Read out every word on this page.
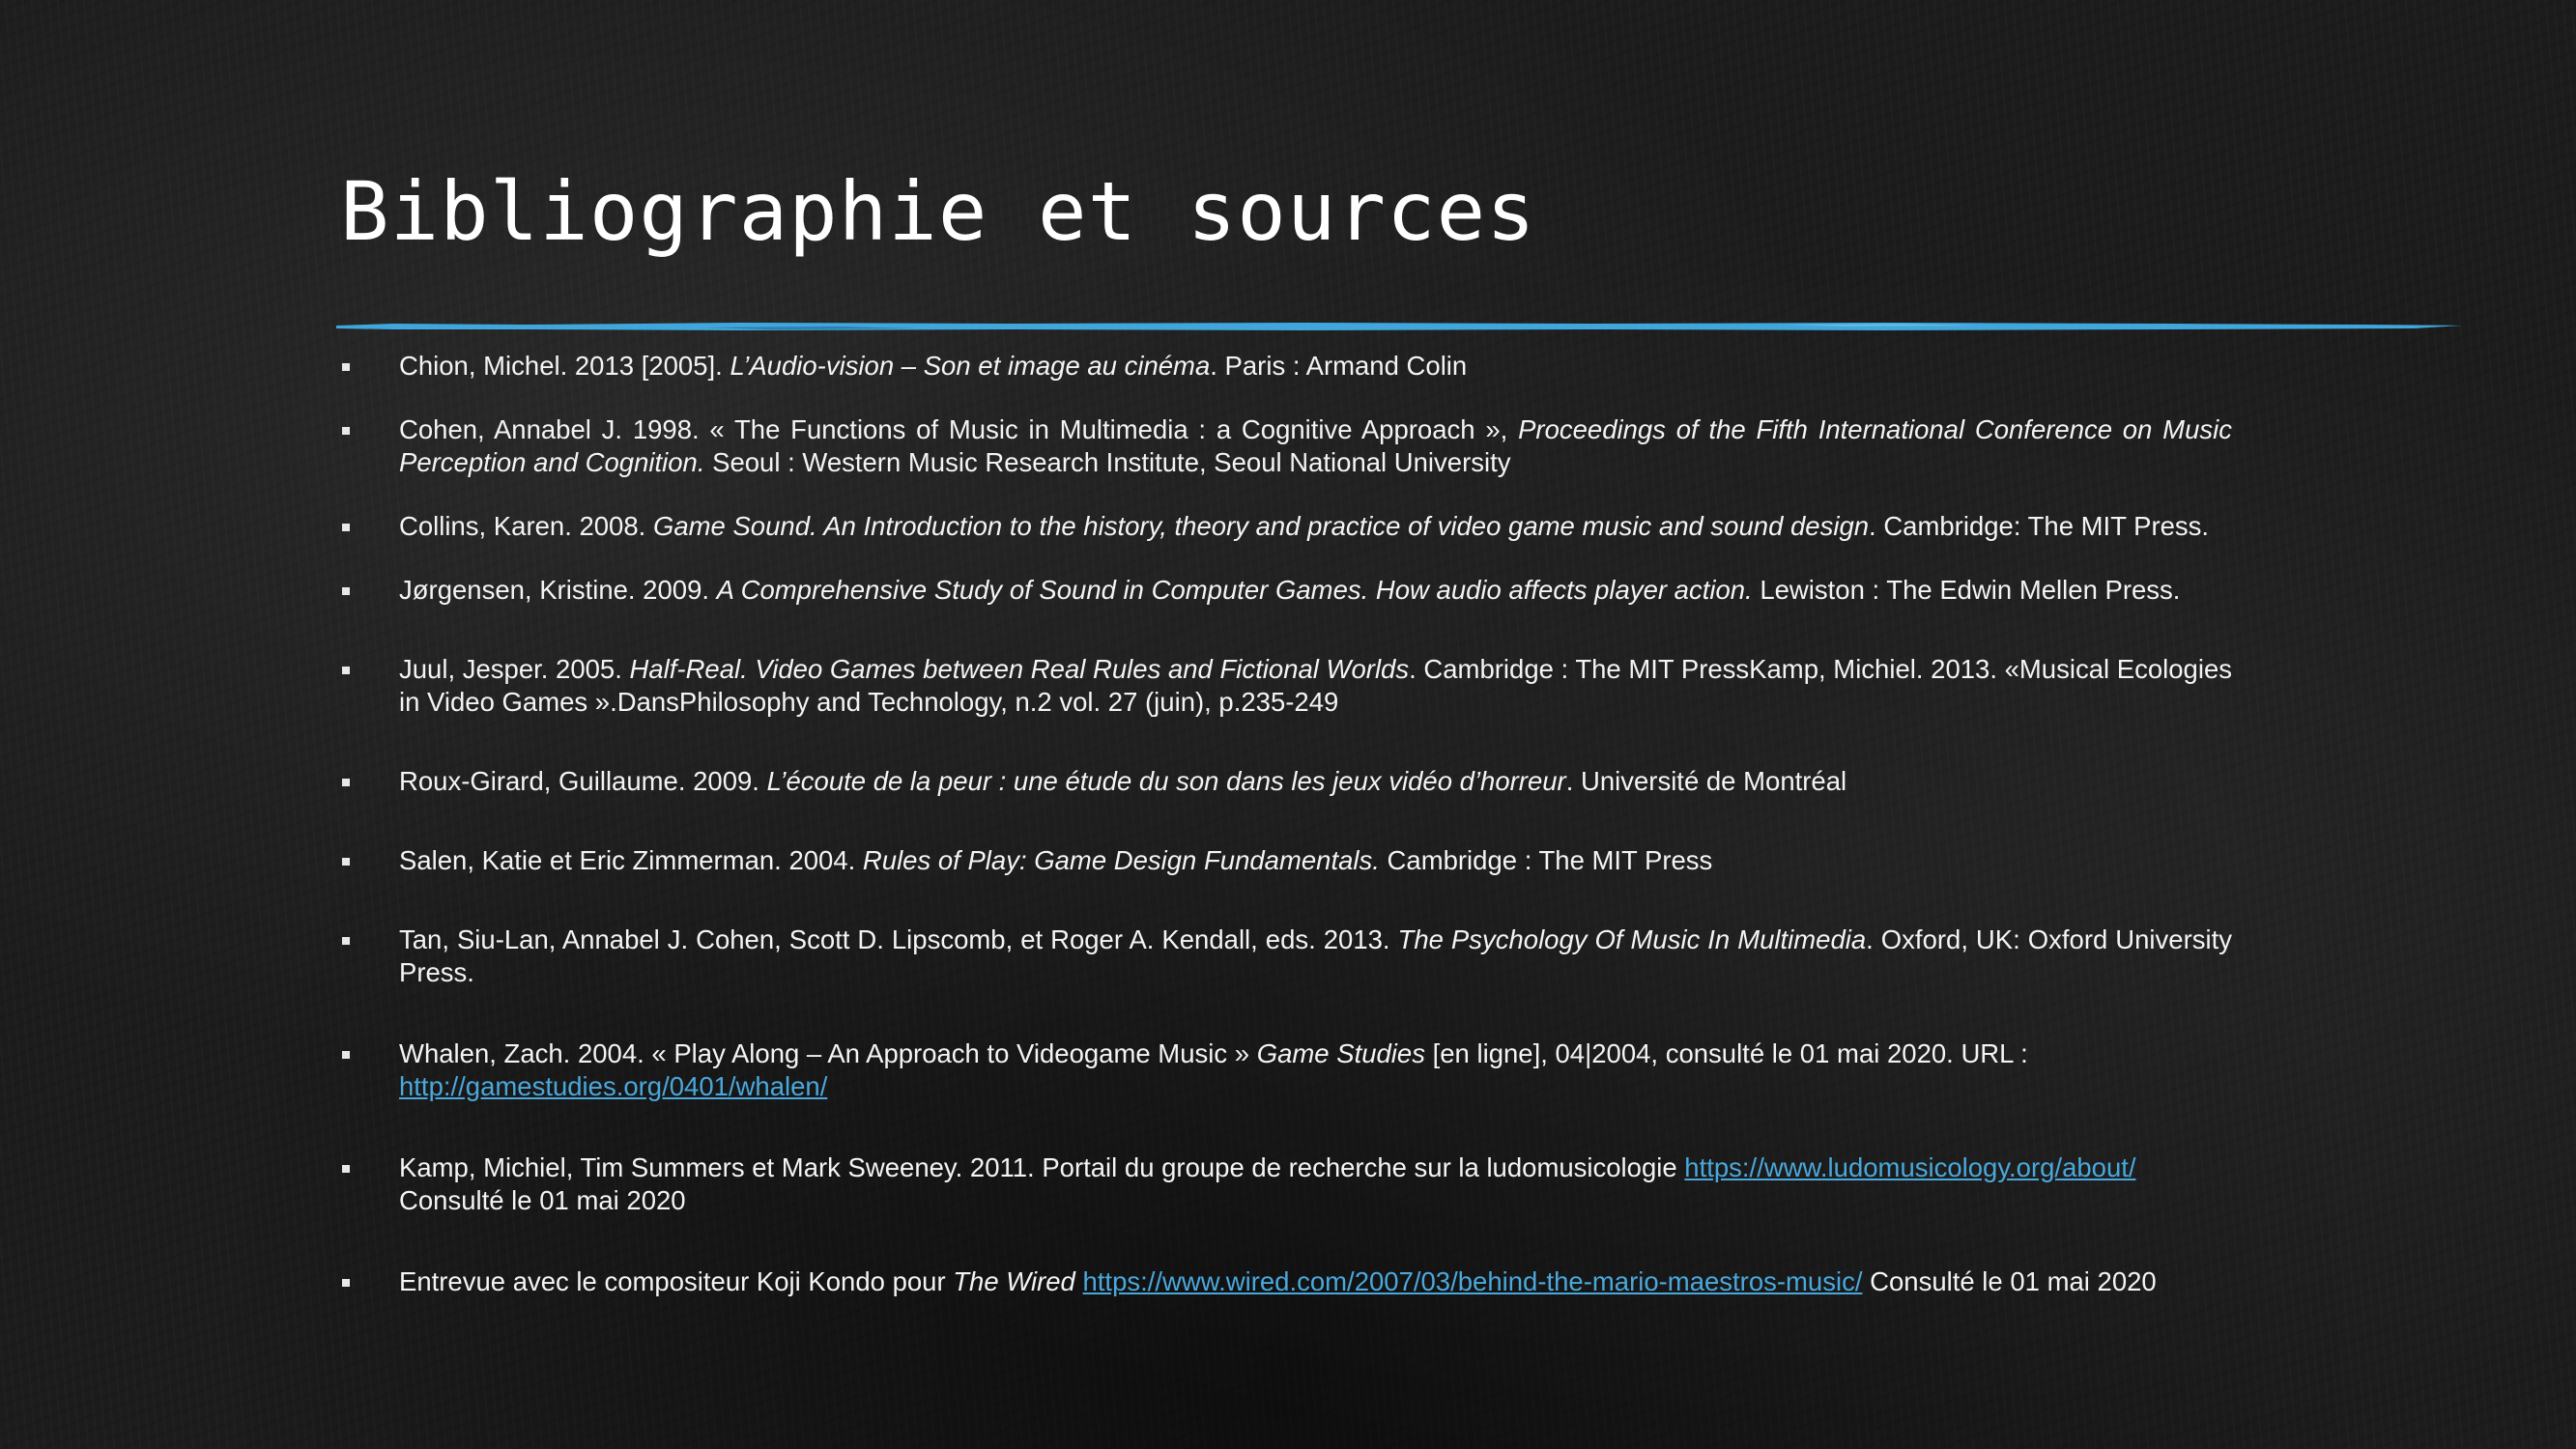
Bibliographie et sources
Chion, Michel. 2013 [2005]. L’Audio-vision – Son et image au cinéma. Paris : Armand Colin
Cohen, Annabel J. 1998. « The Functions of Music in Multimedia : a Cognitive Approach », Proceedings of the Fifth International Conference on Music Perception and Cognition. Seoul : Western Music Research Institute, Seoul National University
Collins, Karen. 2008. Game Sound. An Introduction to the history, theory and practice of video game music and sound design. Cambridge: The MIT Press.
Jørgensen, Kristine. 2009. A Comprehensive Study of Sound in Computer Games. How audio affects player action. Lewiston : The Edwin Mellen Press.
Juul, Jesper. 2005. Half-Real. Video Games between Real Rules and Fictional Worlds. Cambridge : The MIT PressKamp, Michiel. 2013. «Musical Ecologies in Video Games ».DansPhilosophy and Technology, n.2 vol. 27 (juin), p.235-249
Roux-Girard, Guillaume. 2009. L’écoute de la peur : une étude du son dans les jeux vidéo d’horreur. Université de Montréal
Salen, Katie et Eric Zimmerman. 2004. Rules of Play: Game Design Fundamentals. Cambridge : The MIT Press
Tan, Siu-Lan, Annabel J. Cohen, Scott D. Lipscomb, et Roger A. Kendall, eds. 2013. The Psychology Of Music In Multimedia. Oxford, UK: Oxford University Press.
Whalen, Zach. 2004. « Play Along – An Approach to Videogame Music » Game Studies [en ligne], 04|2004, consulté le 01 mai 2020. URL :
http://gamestudies.org/0401/whalen/
Kamp, Michiel, Tim Summers et Mark Sweeney. 2011. Portail du groupe de recherche sur la ludomusicologie https://www.ludomusicology.org/about/
Consulté le 01 mai 2020
Entrevue avec le compositeur Koji Kondo pour The Wired https://www.wired.com/2007/03/behind-the-mario-maestros-music/ Consulté le 01 mai 2020
